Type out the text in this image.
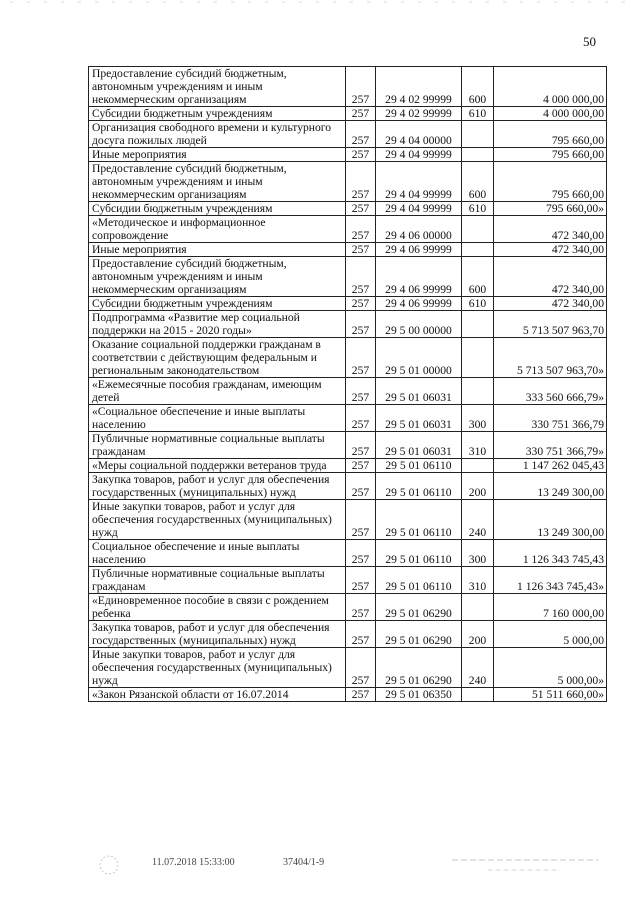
50
Предоставление субсидий бюджетным, автономным учреждениям и иным некоммерческим организациям	257	29 4 02 99999	600	4 000 000,00
Субсидии бюджетным учреждениям	257	29 4 02 99999	610	4 000 000,00
Организация свободного времени и культурного досуга пожилых людей	257	29 4 04 00000		795 660,00
Иные мероприятия	257	29 4 04 99999		795 660,00
Предоставление субсидий бюджетным, автономным учреждениям и иным некоммерческим организациям	257	29 4 04 99999	600	795 660,00
Субсидии бюджетным учреждениям	257	29 4 04 99999	610	795 660,00»
«Методическое и информационное сопровождение	257	29 4 06 00000		472 340,00
Иные мероприятия	257	29 4 06 99999		472 340,00
Предоставление субсидий бюджетным, автономным учреждениям и иным некоммерческим организациям	257	29 4 06 99999	600	472 340,00
Субсидии бюджетным учреждениям	257	29 4 06 99999	610	472 340,00
Подпрограмма «Развитие мер социальной поддержки на 2015 - 2020 годы»	257	29 5 00 00000		5 713 507 963,70
Оказание социальной поддержки гражданам в соответствии с действующим федеральным и региональным законодательством	257	29 5 01 00000		5 713 507 963,70»
«Ежемесячные пособия гражданам, имеющим детей	257	29 5 01 06031		333 560 666,79»
«Социальное обеспечение и иные выплаты населению	257	29 5 01 06031	300	330 751 366,79
Публичные нормативные социальные выплаты гражданам	257	29 5 01 06031	310	330 751 366,79»
«Меры социальной поддержки ветеранов труда	257	29 5 01 06110		1 147 262 045,43
Закупка товаров, работ и услуг для обеспечения государственных (муниципальных) нужд	257	29 5 01 06110	200	13 249 300,00
Иные закупки товаров, работ и услуг для обеспечения государственных (муниципальных) нужд	257	29 5 01 06110	240	13 249 300,00
Социальное обеспечение и иные выплаты населению	257	29 5 01 06110	300	1 126 343 745,43
Публичные нормативные социальные выплаты гражданам	257	29 5 01 06110	310	1 126 343 745,43»
«Единовременное пособие в связи с рождением ребенка	257	29 5 01 06290		7 160 000,00
Закупка товаров, работ и услуг для обеспечения государственных (муниципальных) нужд	257	29 5 01 06290	200	5 000,00
Иные закупки товаров, работ и услуг для обеспечения государственных (муниципальных) нужд	257	29 5 01 06290	240	5 000,00»
«Закон Рязанской области от 16.07.2014	257	29 5 01 06350		51 511 660,00»
11.07.2018 15:33:00	37404/1-9
